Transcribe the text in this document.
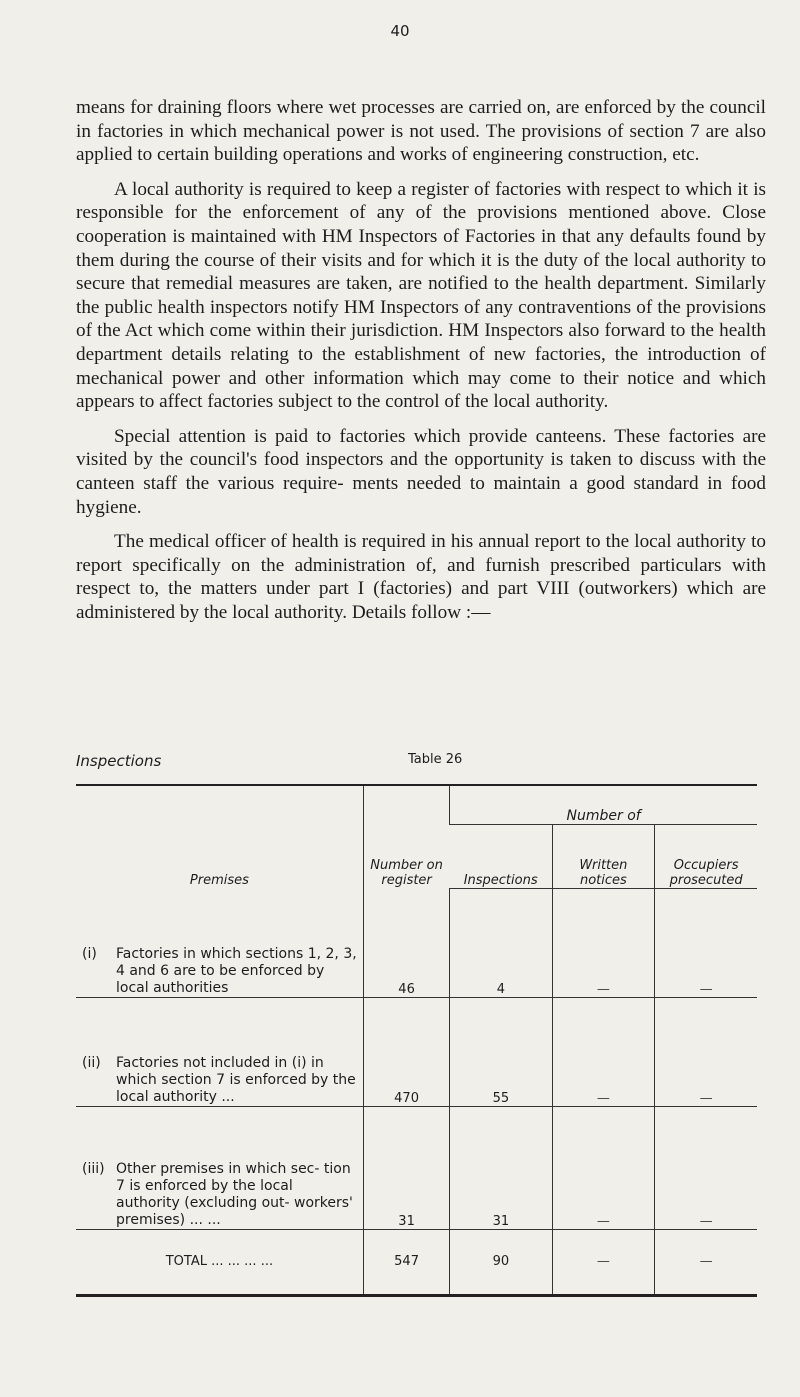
40

means for draining floors where wet processes are carried on, are enforced by the council in factories in which mechanical power is not used. The provisions of section 7 are also applied to certain building operations and works of engineering construction, etc.

A local authority is required to keep a register of factories with respect to which it is responsible for the enforcement of any of the provisions mentioned above. Close cooperation is maintained with HM Inspectors of Factories in that any defaults found by them during the course of their visits and for which it is the duty of the local authority to secure that remedial measures are taken, are notified to the health department. Similarly the public health inspectors notify HM Inspectors of any contraventions of the provisions of the Act which come within their jurisdiction. HM Inspectors also forward to the health department details relating to the establishment of new factories, the introduction of mechanical power and other information which may come to their notice and which appears to affect factories subject to the control of the local authority.

Special attention is paid to factories which provide canteens. These factories are visited by the council's food inspectors and the opportunity is taken to discuss with the canteen staff the various require- ments needed to maintain a good standard in food hygiene.

The medical officer of health is required in his annual report to the local authority to report specifically on the administration of, and furnish prescribed particulars with respect to, the matters under part I (factories) and part VIII (outworkers) which are administered by the local authority. Details follow :—

Inspections	Table 26
Premises	Number on register	Number of		
		Inspections	Written notices	Occupiers prosecuted

(i) Factories in which sections 1, 2, 3, 4 and 6 are to be enforced by local authorities	46	4	—	—

(ii) Factories not included in (i) in which section 7 is enforced by the local authority ...	470	55	—	—

(iii) Other premises in which sec- tion 7 is enforced by the local authority (excluding out- workers' premises) ... ...	31	31	—	—
TOTAL ... ... ... ...	547	90	—	—
